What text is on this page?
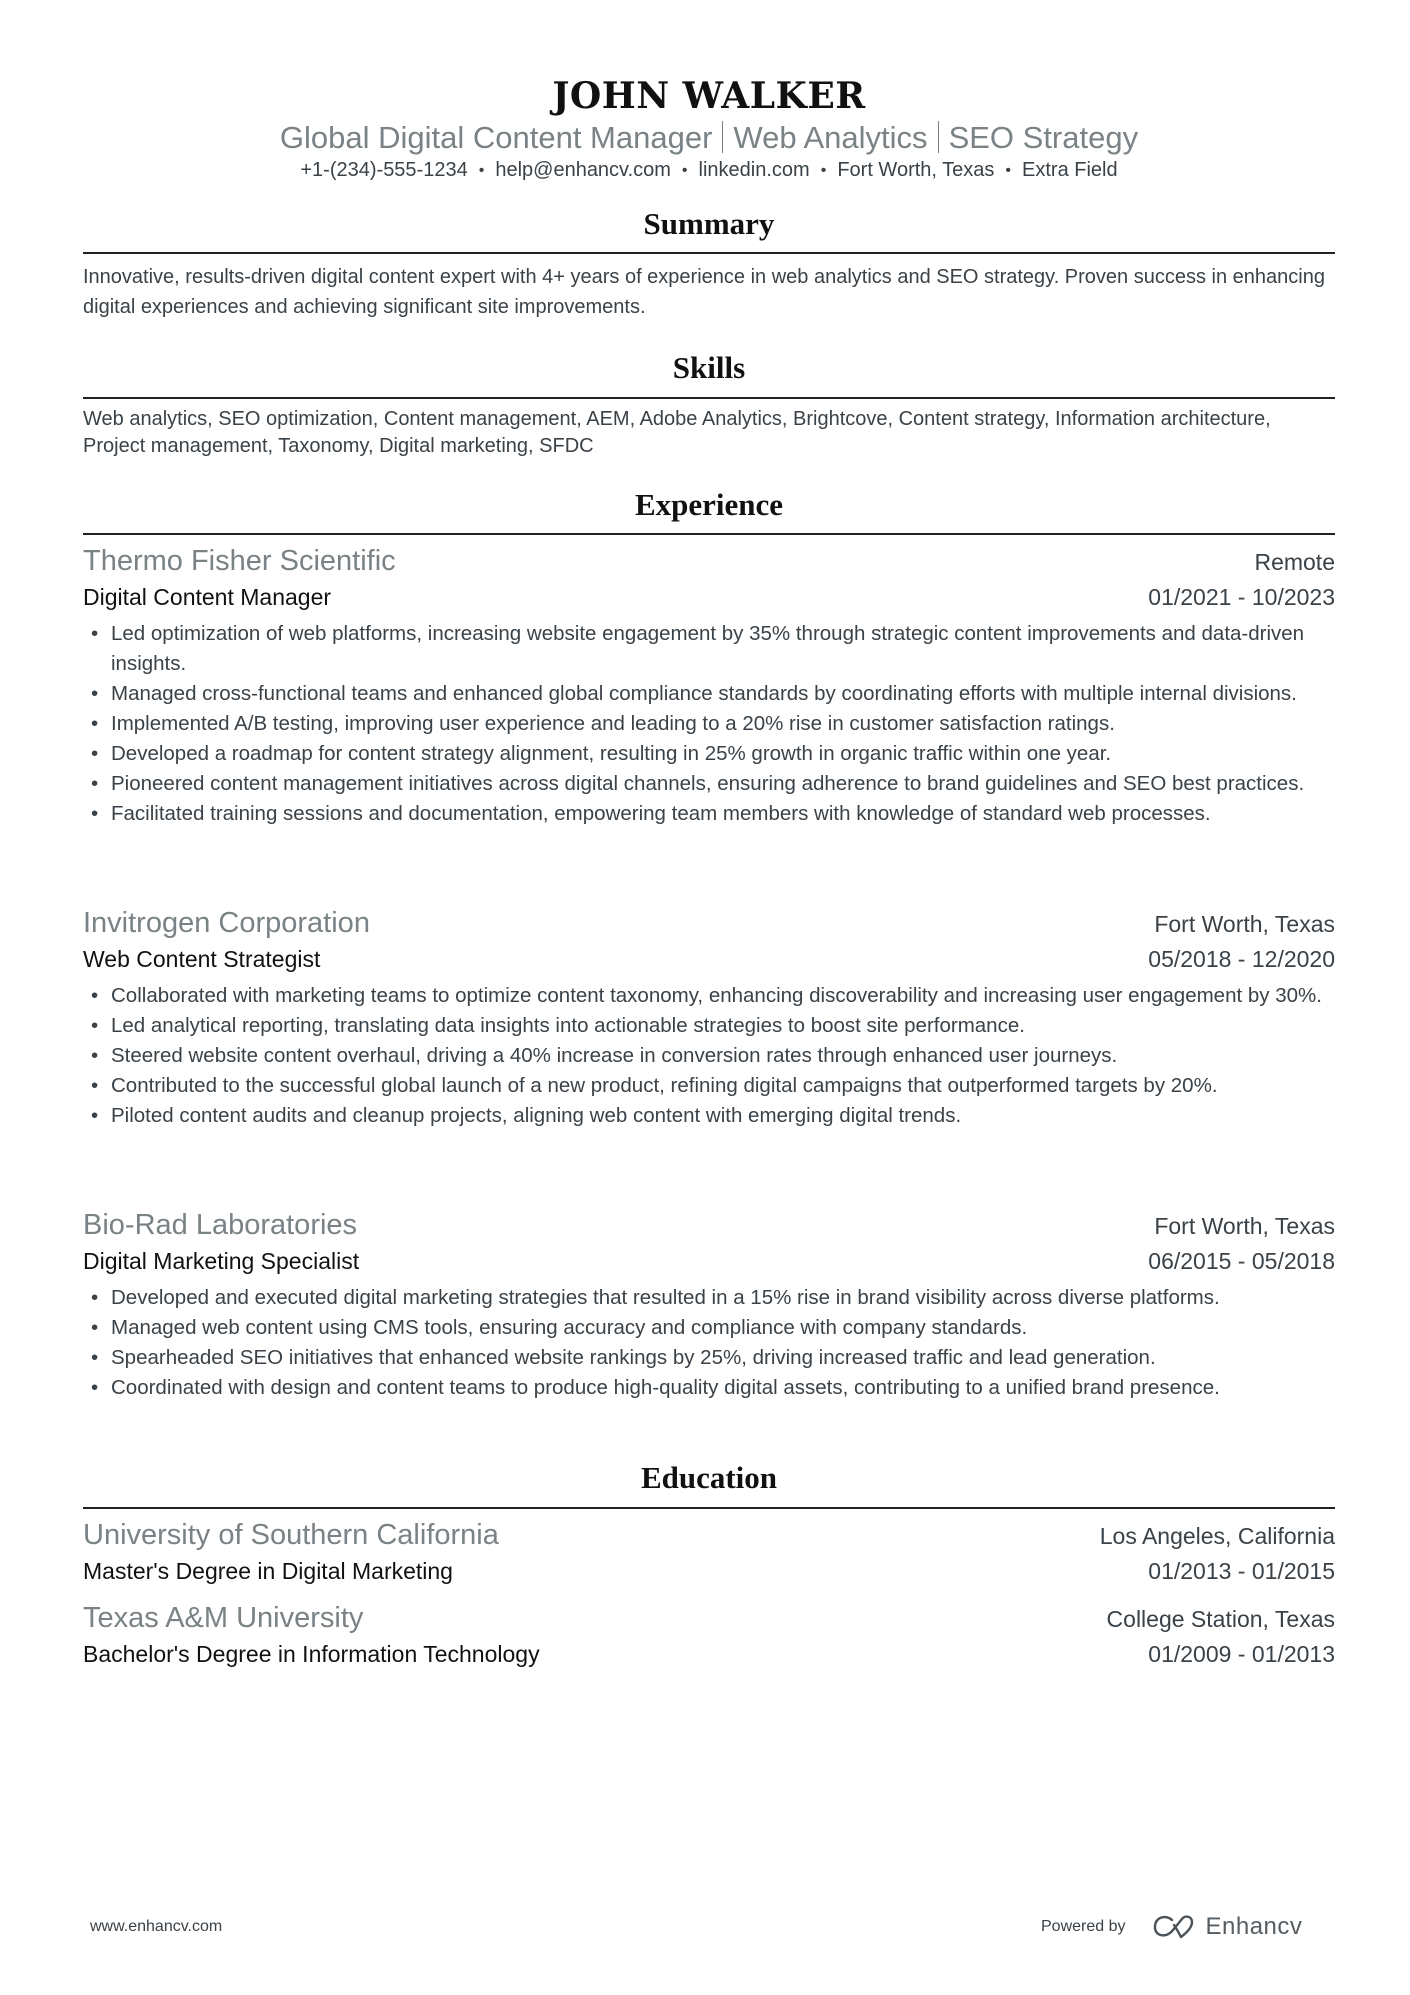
JOHN WALKER
Global Digital Content Manager Web Analytics SEO Strategy
+1-(234)-555-1234 • help@enhancv.com • linkedin.com • Fort Worth, Texas • Extra Field
Summary
Innovative, results-driven digital content expert with 4+ years of experience in web analytics and SEO strategy. Proven success in enhancing digital experiences and achieving significant site improvements.
Skills
Web analytics, SEO optimization, Content management, AEM, Adobe Analytics, Brightcove, Content strategy, Information architecture, Project management, Taxonomy, Digital marketing, SFDC
Experience
Thermo Fisher Scientific	Remote
Digital Content Manager	01/2021 - 10/2023
• Led optimization of web platforms, increasing website engagement by 35% through strategic content improvements and data-driven insights.
• Managed cross-functional teams and enhanced global compliance standards by coordinating efforts with multiple internal divisions.
• Implemented A/B testing, improving user experience and leading to a 20% rise in customer satisfaction ratings.
• Developed a roadmap for content strategy alignment, resulting in 25% growth in organic traffic within one year.
• Pioneered content management initiatives across digital channels, ensuring adherence to brand guidelines and SEO best practices.
• Facilitated training sessions and documentation, empowering team members with knowledge of standard web processes.
Invitrogen Corporation	Fort Worth, Texas
Web Content Strategist	05/2018 - 12/2020
• Collaborated with marketing teams to optimize content taxonomy, enhancing discoverability and increasing user engagement by 30%.
• Led analytical reporting, translating data insights into actionable strategies to boost site performance.
• Steered website content overhaul, driving a 40% increase in conversion rates through enhanced user journeys.
• Contributed to the successful global launch of a new product, refining digital campaigns that outperformed targets by 20%.
• Piloted content audits and cleanup projects, aligning web content with emerging digital trends.
Bio-Rad Laboratories	Fort Worth, Texas
Digital Marketing Specialist	06/2015 - 05/2018
• Developed and executed digital marketing strategies that resulted in a 15% rise in brand visibility across diverse platforms.
• Managed web content using CMS tools, ensuring accuracy and compliance with company standards.
• Spearheaded SEO initiatives that enhanced website rankings by 25%, driving increased traffic and lead generation.
• Coordinated with design and content teams to produce high-quality digital assets, contributing to a unified brand presence.
Education
University of Southern California	Los Angeles, California
Master's Degree in Digital Marketing	01/2013 - 01/2015
Texas A&M University	College Station, Texas
Bachelor's Degree in Information Technology	01/2009 - 01/2013
www.enhancv.com	Powered by	Enhancv
